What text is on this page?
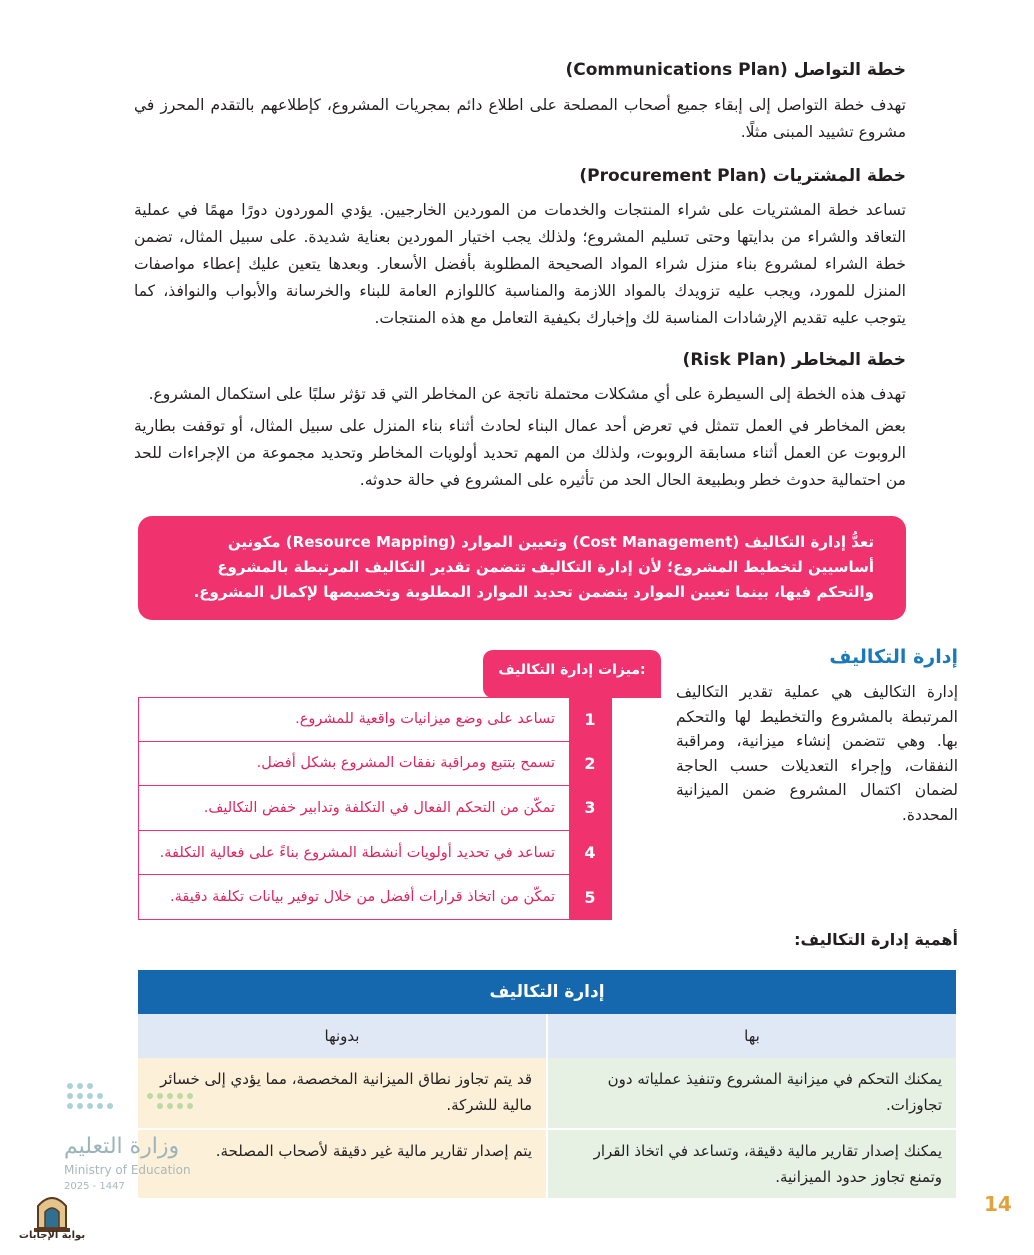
خطة التواصل (Communications Plan)
تهدف خطة التواصل إلى إبقاء جميع أصحاب المصلحة على اطلاع دائم بمجريات المشروع، كإطلاعهم بالتقدم المحرز في مشروع تشييد المبنى مثلًا.
خطة المشتريات (Procurement Plan)
تساعد خطة المشتريات على شراء المنتجات والخدمات من الموردين الخارجيين. يؤدي الموردون دورًا مهمًا في عملية التعاقد والشراء من بدايتها وحتى تسليم المشروع؛ ولذلك يجب اختيار الموردين بعناية شديدة. على سبيل المثال، تضمن خطة الشراء لمشروع بناء منزل شراء المواد الصحيحة المطلوبة بأفضل الأسعار. وبعدها يتعين عليك إعطاء مواصفات المنزل للمورد، ويجب عليه تزويدك بالمواد اللازمة والمناسبة كاللوازم العامة للبناء والخرسانة والأبواب والنوافذ، كما يتوجب عليه تقديم الإرشادات المناسبة لك وإخبارك بكيفية التعامل مع هذه المنتجات.
خطة المخاطر (Risk Plan)
تهدف هذه الخطة إلى السيطرة على أي مشكلات محتملة ناتجة عن المخاطر التي قد تؤثر سلبًا على استكمال المشروع.
بعض المخاطر في العمل تتمثل في تعرض أحد عمال البناء لحادث أثناء بناء المنزل على سبيل المثال، أو توقفت بطارية الروبوت عن العمل أثناء مسابقة الروبوت، ولذلك من المهم تحديد أولويات المخاطر وتحديد مجموعة من الإجراءات للحد من احتمالية حدوث خطر وبطبيعة الحال الحد من تأثيره على المشروع في حالة حدوثه.
تعدُّ إدارة التكاليف (Cost Management) وتعيين الموارد (Resource Mapping) مكونين أساسيين لتخطيط المشروع؛ لأن إدارة التكاليف تتضمن تقدير التكاليف المرتبطة بالمشروع والتحكم فيها، بينما تعيين الموارد يتضمن تحديد الموارد المطلوبة وتخصيصها لإكمال المشروع.
ميزات إدارة التكاليف:
1
تساعد على وضع ميزانيات واقعية للمشروع.
2
تسمح بتتبع ومراقبة نفقات المشروع بشكل أفضل.
3
تمكّن من التحكم الفعال في التكلفة وتدابير خفض التكاليف.
4
تساعد في تحديد أولويات أنشطة المشروع بناءً على فعالية التكلفة.
5
تمكّن من اتخاذ قرارات أفضل من خلال توفير بيانات تكلفة دقيقة.
إدارة التكاليف
إدارة التكاليف هي عملية تقدير التكاليف المرتبطة بالمشروع والتخطيط لها والتحكم بها. وهي تتضمن إنشاء ميزانية، ومراقبة النفقات، وإجراء التعديلات حسب الحاجة لضمان اكتمال المشروع ضمن الميزانية المحددة.
أهمية إدارة التكاليف:
إدارة التكاليف
بها
بدونها
يمكنك التحكم في ميزانية المشروع وتنفيذ عملياته دون تجاوزات.
قد يتم تجاوز نطاق الميزانية المخصصة، مما يؤدي إلى خسائر مالية للشركة.
يمكنك إصدار تقارير مالية دقيقة، وتساعد في اتخاذ القرار وتمنع تجاوز حدود الميزانية.
يتم إصدار تقارير مالية غير دقيقة لأصحاب المصلحة.
وزارة التعليم
Ministry of Education
2025 - 1447
بوابة الإجابات
14
